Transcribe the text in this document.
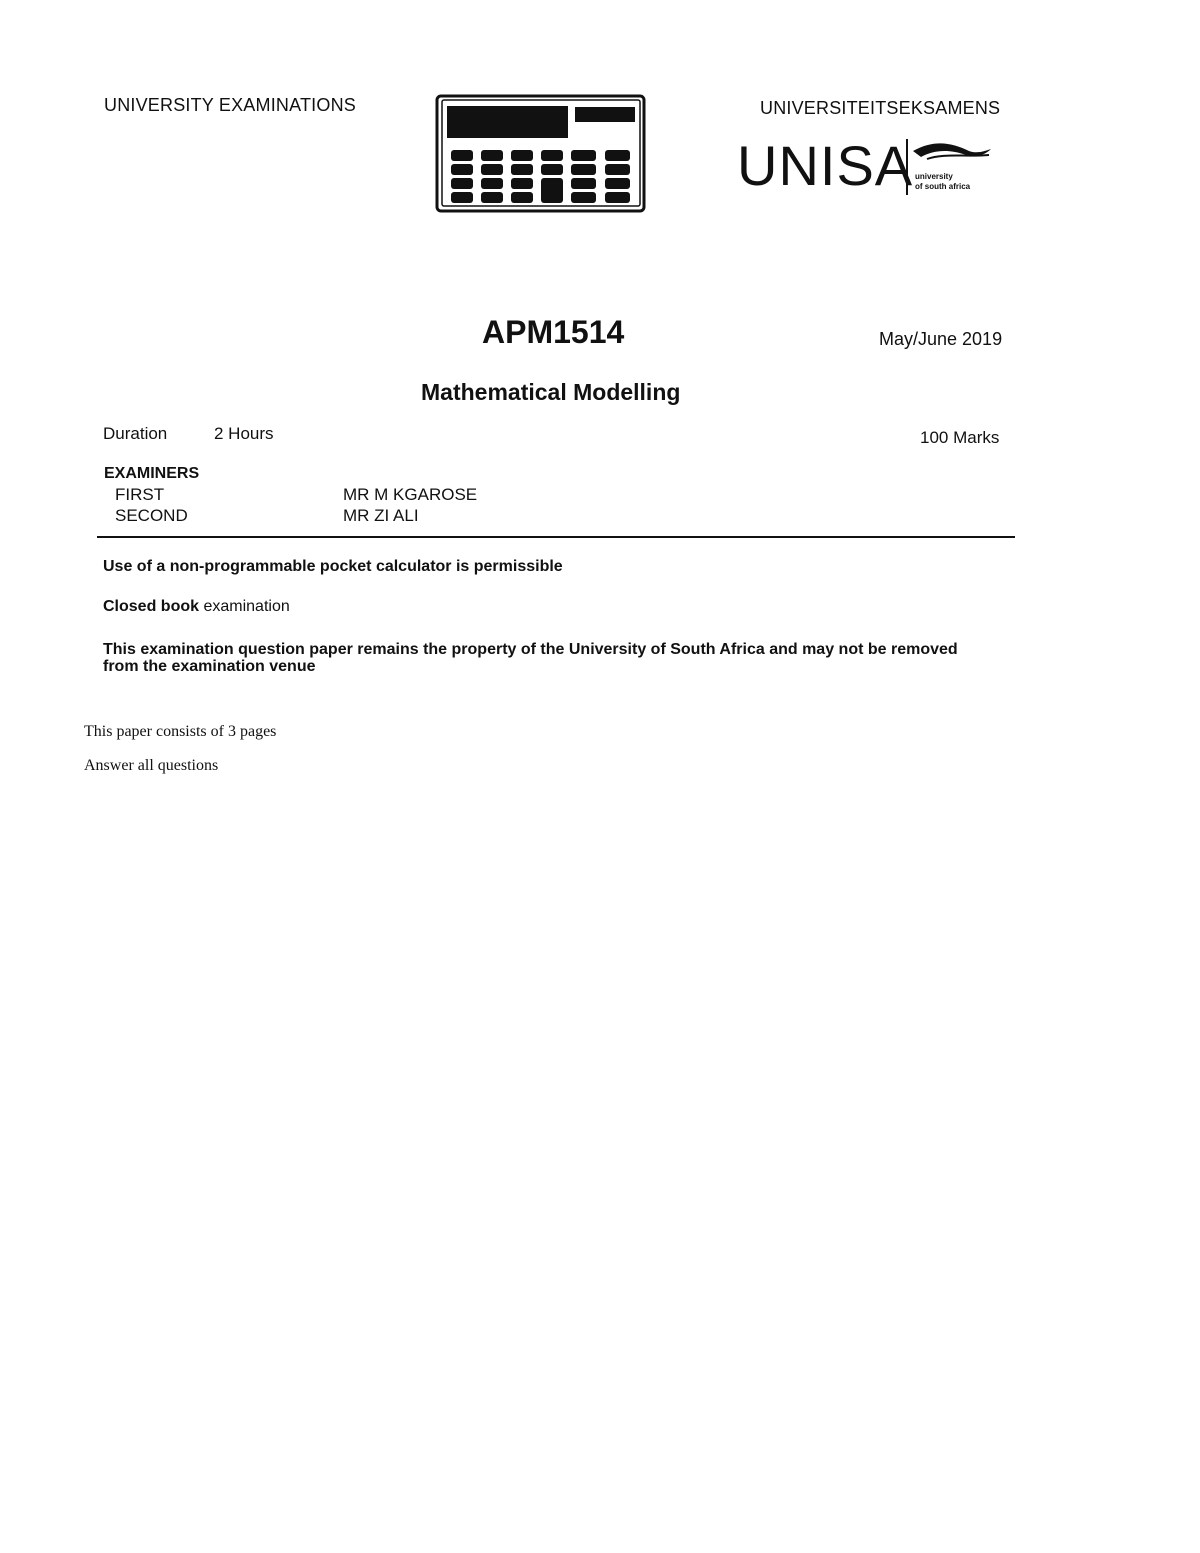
UNIVERSITY EXAMINATIONS	UNIVERSITEITSEKSAMENS
UNISA university
of south africa
APM1514	May/June 2019
Mathematical Modelling
Duration	2 Hours	100 Marks
EXAMINERS
FIRST	MR M KGAROSE
SECOND	MR ZI ALI
Use of a non-programmable pocket calculator is permissible
Closed book examination
This examination question paper remains the property of the University of South Africa and may not be removed from the examination venue
This paper consists of 3 pages
Answer all questions
